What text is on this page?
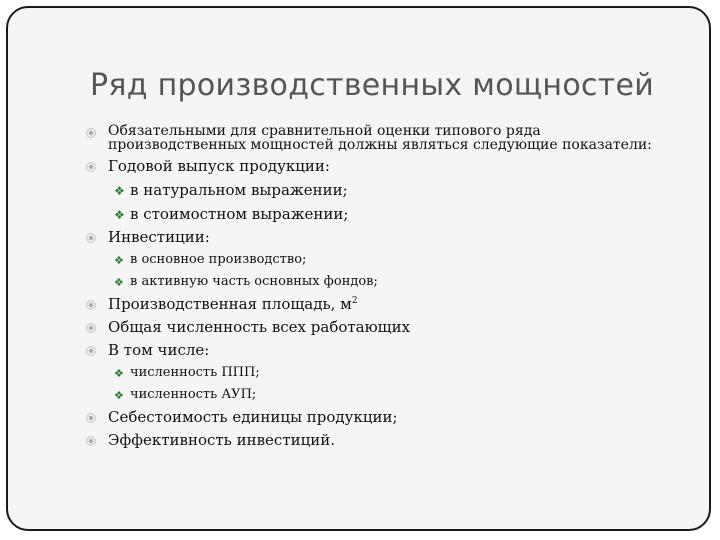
Ряд производственных мощностей
Обязательными для сравнительной оценки типового ряда производственных мощностей должны являться следующие показатели:
Годовой выпуск продукции:
❖ в натуральном выражении;
❖ в стоимостном выражении;
Инвестиции:
❖ в основное производство;
❖ в активную часть основных фондов;
Производственная площадь, $м^2$
Общая численность всех работающих
В том числе:
❖ численность ППП;
❖ численность АУП;
Себестоимость единицы продукции;
Эффективность инвестиций.
